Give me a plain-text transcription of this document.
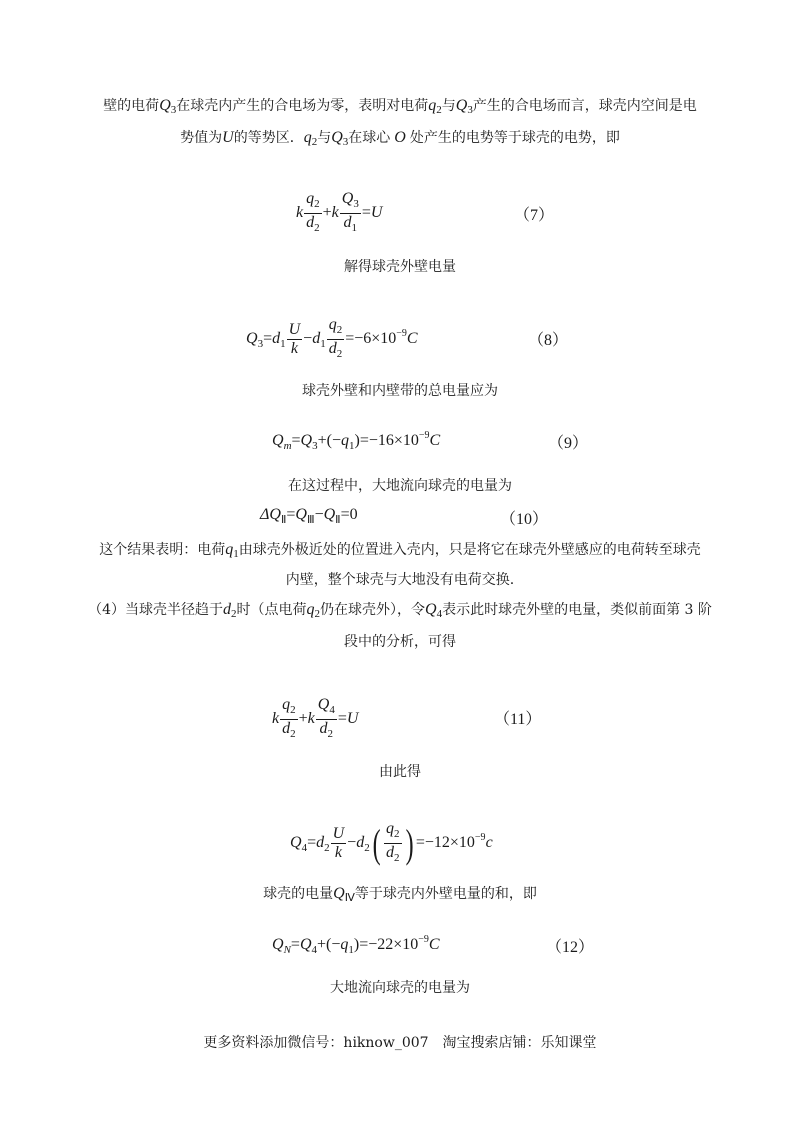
壁的电荷$Q_3$在球壳内产生的合电场为零，表明对电荷$q_2$与$Q_3$产生的合电场而言，球壳内空间是电
势值为U的等势区．$q_2$与$Q_3$在球心 O 处产生的电势等于球壳的电势，即
k $\frac{q_2}{d_2} +k \frac{Q_3}{d_1} =U$	（7）
解得球壳外壁电量
$Q_3=d_1 \frac{U}{k} -d_1 \frac{q_2}{d_2} =-6\times 10^{-9}C$	（8）
球壳外壁和内壁带的总电量应为
$Q_m=Q_3+(-q_1)=-16\times 10^{-9}C$	（9）
在这过程中，大地流向球壳的电量为
$\Delta Q_Ⅱ=Q_Ⅲ-Q_Ⅱ=0$	（10）
这个结果表明：电荷$q_1$由球壳外极近处的位置进入壳内，只是将它在球壳外壁感应的电荷转至球壳
内壁，整个球壳与大地没有电荷交换.
（4）当球壳半径趋于$d_2$时（点电荷$q_2$仍在球壳外），令$Q_4$表示此时球壳外壁的电量，类似前面第 3 阶
段中的分析，可得
k $\frac{q_2}{d_2} +k \frac{Q_4}{d_2} =U$	（11）
由此得
$Q_4=d_2 \frac{U}{k} -d_2( \frac{q_2}{d_2}$ ) $=-12\times 10^{-9}c$
球壳的电量$Q_Ⅳ$等于球壳内外壁电量的和，即
$Q_N=Q_4+(-q_1)=-22\times 10^{-9}C$	（12）
大地流向球壳的电量为
更多资料添加微信号：hiknow_007　淘宝搜索店铺：乐知课堂
